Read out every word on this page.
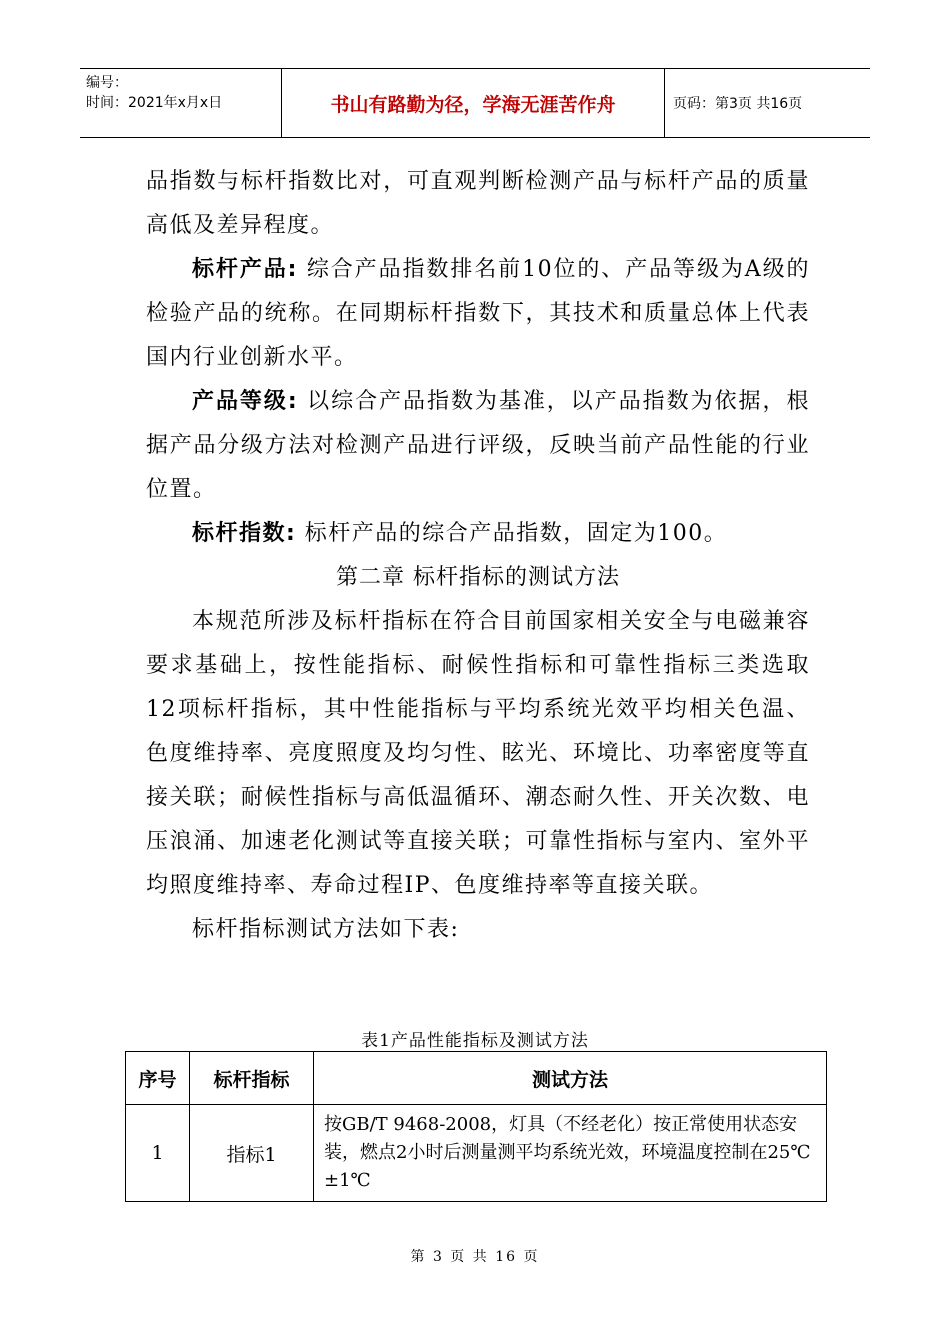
编号：
时间：2021年x月x日	书山有路勤为径，学海无涯苦作舟	页码：第3页 共16页

品指数与标杆指数比对，可直观判断检测产品与标杆产品的质量高低及差异程度。

标杆产品: 综合产品指数排名前10位的、产品等级为A级的检验产品的统称。在同期标杆指数下，其技术和质量总体上代表国内行业创新水平。

产品等级: 以综合产品指数为基准，以产品指数为依据，根据产品分级方法对检测产品进行评级，反映当前产品性能的行业位置。

标杆指数: 标杆产品的综合产品指数，固定为100。

第二章 标杆指标的测试方法

本规范所涉及标杆指标在符合目前国家相关安全与电磁兼容要求基础上，按性能指标、耐候性指标和可靠性指标三类选取12项标杆指标，其中性能指标与平均系统光效平均相关色温、色度维持率、亮度照度及均匀性、眩光、环境比、功率密度等直接关联；耐候性指标与高低温循环、潮态耐久性、开关次数、电压浪涌、加速老化测试等直接关联；可靠性指标与室内、室外平均照度维持率、寿命过程IP、色度维持率等直接关联。

标杆指标测试方法如下表:

表1产品性能指标及测试方法
序号	标杆指标	测试方法
1	指标1	按GB/T 9468-2008，灯具（不经老化）按正常使用状态安装，燃点2小时后测量测平均系统光效，环境温度控制在25℃±1℃
第 3 页 共 16 页
